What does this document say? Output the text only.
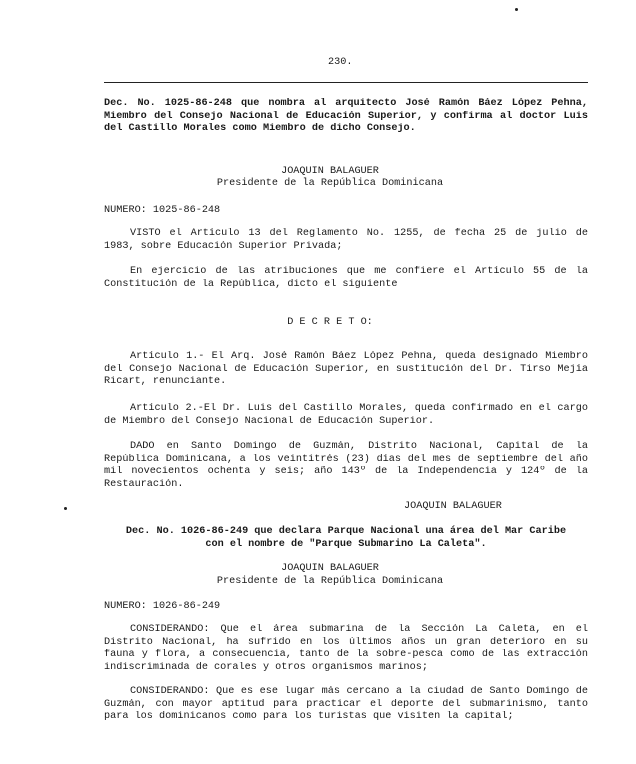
230.
Dec. No. 1025-86-248 que nombra al arquitecto José Ramón Báez López Pehna,
Miembro del Consejo Nacional de Educación Superior, y confirma al doctor Luis
del Castillo Morales como Miembro de dicho Consejo.
JOAQUIN BALAGUER
Presidente de la República Dominicana
NUMERO: 1025-86-248
VISTO el Artículo 13 del Reglamento No. 1255, de fecha 25 de julio de
1983, sobre Educación Superior Privada;
En ejercicio de las atribuciones que me confiere el Artículo 55 de la
Constitución de la República, dicto el siguiente
D E C R E T O:
Artículo 1.- El Arq. José Ramón Báez López Pehna, queda designado Miembro
del Consejo Nacional de Educación Superior, en sustitución del Dr. Tirso Mejía
Ricart, renunciante.
Artículo 2.-El Dr. Luis del Castillo Morales, queda confirmado en el cargo
de Miembro del Consejo Nacional de Educación Superior.
DADO en Santo Domingo de Guzmán, Distrito Nacional, Capital de la
República Dominicana, a los veintitrés (23) días del mes de septiembre del año
mil novecientos ochenta y seis; año 143º de la Independencia y 124º de la
Restauración.
JOAQUIN BALAGUER
Dec. No. 1026-86-249 que declara Parque Nacional una área del Mar Caribe
con el nombre de "Parque Submarino La Caleta".
JOAQUIN BALAGUER
Presidente de la República Dominicana
NUMERO: 1026-86-249
CONSIDERANDO: Que el área submarina de la Sección La Caleta, en el
Distrito Nacional, ha sufrido en los últimos años un gran deterioro en su
fauna y flora, a consecuencia, tanto de la sobre-pesca como de las extracción
indiscriminada de corales y otros organismos marinos;
CONSIDERANDO: Que es ese lugar más cercano a la ciudad de Santo Domingo de
Guzmán, con mayor aptitud para practicar el deporte del submarinismo, tanto
para los dominicanos como para los turistas que visiten la capital;
